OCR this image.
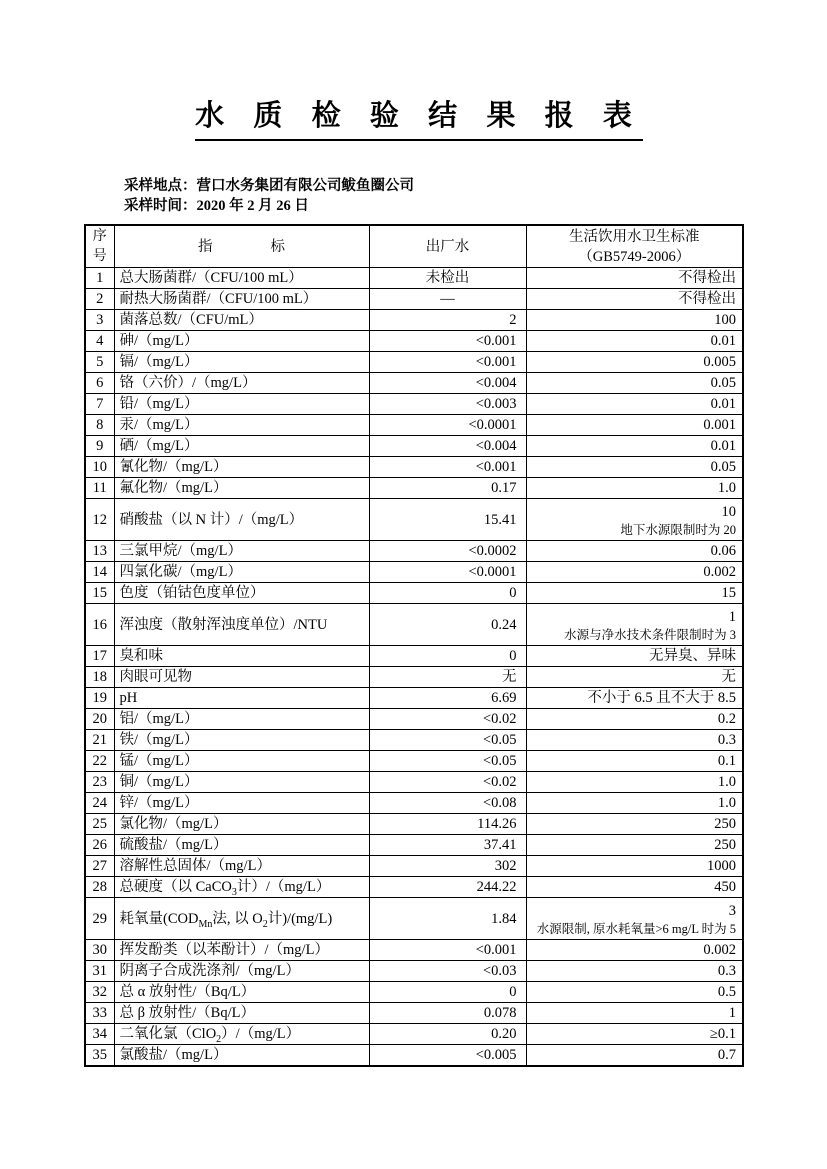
水 质 检 验 结 果 报 表
采样地点：营口水务集团有限公司鲅鱼圈公司
采样时间：2020 年 2 月 26 日
序号	指　　　　标	出厂水	生活饮用水卫生标准
（GB5749-2006）

1	总大肠菌群/（CFU/100 mL）	未检出	不得检出
2	耐热大肠菌群/（CFU/100 mL）	—	不得检出
3	菌落总数/（CFU/mL）	2	100
4	砷/（mg/L）	<0.001	0.01
5	镉/（mg/L）	<0.001	0.005
6	铬（六价）/（mg/L）	<0.004	0.05
7	铅/（mg/L）	<0.003	0.01
8	汞/（mg/L）	<0.0001	0.001
9	硒/（mg/L）	<0.004	0.01
10	氰化物/（mg/L）	<0.001	0.05
11	氟化物/（mg/L）	0.17	1.0
12	硝酸盐（以 N 计）/（mg/L）	15.41	10
地下水源限制时为 20

13	三氯甲烷/（mg/L）	<0.0002	0.06
14	四氯化碳/（mg/L）	<0.0001	0.002
15	色度（铂钴色度单位）	0	15
16	浑浊度（散射浑浊度单位）/NTU	0.24	1
水源与净水技术条件限制时为 3

17	臭和味	0	无异臭、异味
18	肉眼可见物	无	无
19	pH	6.69	不小于 6.5 且不大于 8.5
20	铝/（mg/L）	<0.02	0.2
21	铁/（mg/L）	<0.05	0.3
22	锰/（mg/L）	<0.05	0.1
23	铜/（mg/L）	<0.02	1.0
24	锌/（mg/L）	<0.08	1.0
25	氯化物/（mg/L）	114.26	250
26	硫酸盐/（mg/L）	37.41	250
27	溶解性总固体/（mg/L）	302	1000
28	总硬度（以 CaCO$_3$计）/（mg/L）	244.22	450
29	耗氧量($COD_{Mn}$法, 以 $O_2$计)/(mg/L)	1.84	3
水源限制, 原水耗氧量>6 mg/L 时为 5

30	挥发酚类（以苯酚计）/（mg/L）	<0.001	0.002
31	阴离子合成洗涤剂/（mg/L）	<0.03	0.3
32	总 α 放射性/（Bq/L）	0	0.5
33	总 β 放射性/（Bq/L）	0.078	1
34	二氧化氯（ClO$_2$）/（mg/L）	0.20	≥0.1
35	氯酸盐/（mg/L）	<0.005	0.7
